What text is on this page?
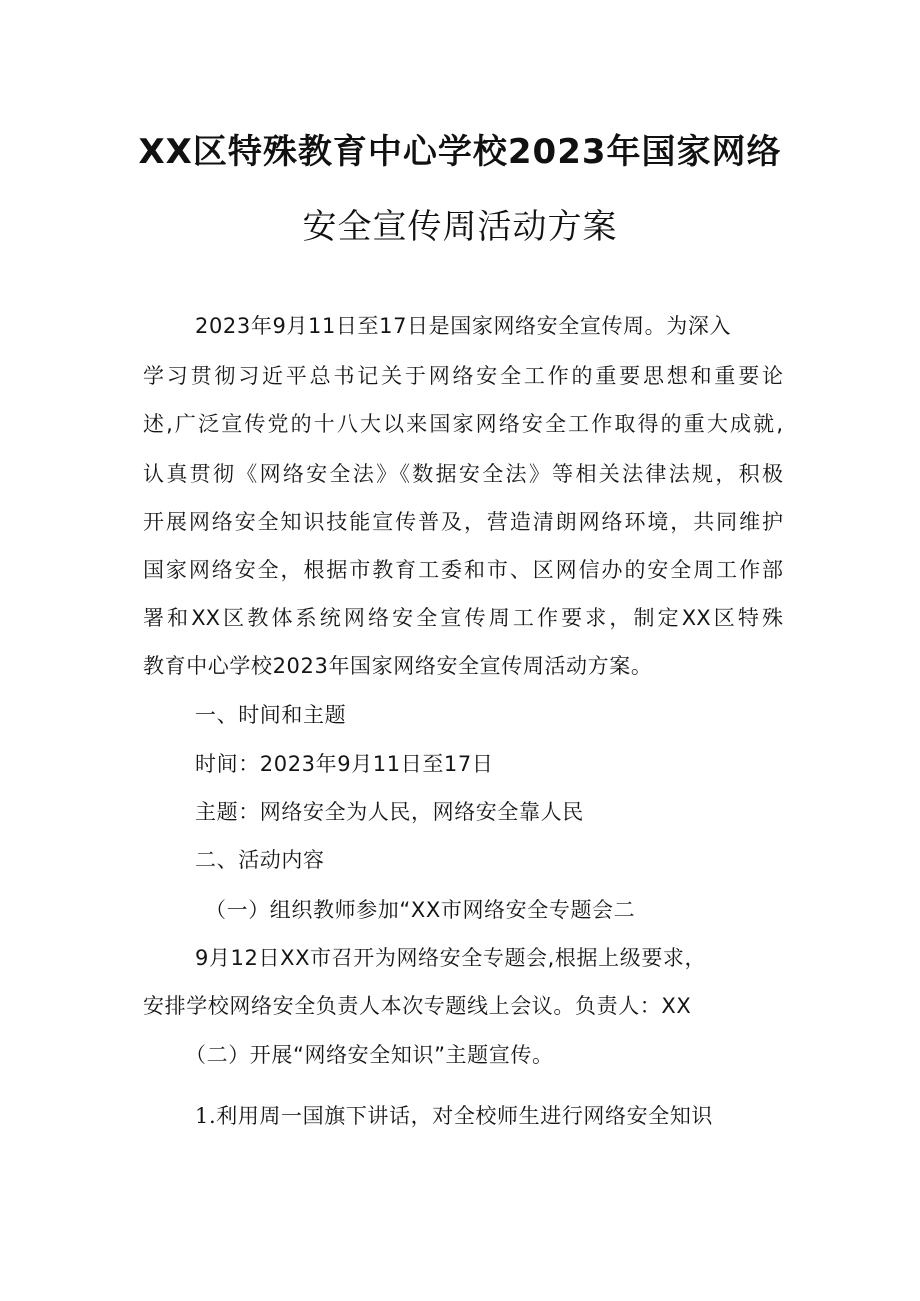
XX区特殊教育中心学校2023年国家网络
安全宣传周活动方案
2023年9月11日至17日是国家网络安全宣传周。为深入
学习贯彻习近平总书记关于网络安全工作的重要思想和重要论
述,广泛宣传党的十八大以来国家网络安全工作取得的重大成就,
认真贯彻《网络安全法》《数据安全法》等相关法律法规，积极
开展网络安全知识技能宣传普及，营造清朗网络环境，共同维护
国家网络安全，根据市教育工委和市、区网信办的安全周工作部
署和XX区教体系统网络安全宣传周工作要求，制定XX区特殊
教育中心学校2023年国家网络安全宣传周活动方案。
一、时间和主题
时间：2023年9月11日至17日
主题：网络安全为人民，网络安全靠人民
二、活动内容
（一）组织教师参加“XX市网络安全专题会二
9月12日XX市召开为网络安全专题会,根据上级要求，
安排学校网络安全负责人本次专题线上会议。负责人：XX
（二）开展“网络安全知识”主题宣传。
1.利用周一国旗下讲话，对全校师生进行网络安全知识
